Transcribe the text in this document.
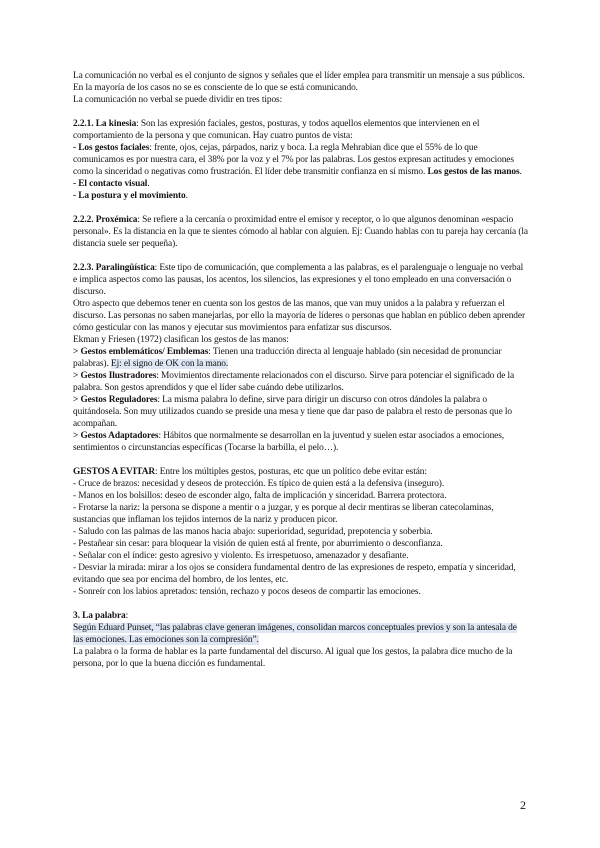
La comunicación no verbal es el conjunto de signos y señales que el líder emplea para transmitir un mensaje a sus públicos. En la mayoría de los casos no se es consciente de lo que se está comunicando.

La comunicación no verbal se puede dividir en tres tipos:

2.2.1. La kinesia: Son las expresión faciales, gestos, posturas, y todos aquellos elementos que intervienen en el comportamiento de la persona y que comunican. Hay cuatro puntos de vista:

- Los gestos faciales: frente, ojos, cejas, párpados, nariz y boca. La regla Mehrabian dice que el 55% de lo que comunicamos es por nuestra cara, el 38% por la voz y el 7% por las palabras. Los gestos expresan actitudes y emociones como la sinceridad o negativas como frustración. El líder debe transmitir confianza en sí mismo. Los gestos de las manos.

- El contacto visual.

- La postura y el movimiento.

2.2.2. Proxémica: Se refiere a la cercanía o proximidad entre el emisor y receptor, o lo que algunos denominan «espacio personal». Es la distancia en la que te sientes cómodo al hablar con alguien. Ej: Cuando hablas con tu pareja hay cercanía (la distancia suele ser pequeña).

2.2.3. Paralingüística: Este tipo de comunicación, que complementa a las palabras, es el paralenguaje o lenguaje no verbal e implica aspectos como las pausas, los acentos, los silencios, las expresiones y el tono empleado en una conversación o discurso.

Otro aspecto que debemos tener en cuenta son los gestos de las manos, que van muy unidos a la palabra y refuerzan el discurso. Las personas no saben manejarlas, por ello la mayoría de líderes o personas que hablan en público deben aprender cómo gesticular con las manos y ejecutar sus movimientos para enfatizar sus discursos.

Ekman y Friesen (1972) clasifican los gestos de las manos:

> Gestos emblemáticos/ Emblemas: Tienen una traducción directa al lenguaje hablado (sin necesidad de pronunciar palabras). Ej: el signo de OK con la mano.

> Gestos Ilustradores: Movimientos directamente relacionados con el discurso. Sirve para potenciar el significado de la palabra. Son gestos aprendidos y que el líder sabe cuándo debe utilizarlos.

> Gestos Reguladores: La misma palabra lo define, sirve para dirigir un discurso con otros dándoles la palabra o quitándosela. Son muy utilizados cuando se preside una mesa y tiene que dar paso de palabra el resto de personas que lo acompañan.

> Gestos Adaptadores: Hábitos que normalmente se desarrollan en la juventud y suelen estar asociados a emociones, sentimientos o circunstancias específicas (Tocarse la barbilla, el pelo…).

GESTOS A EVITAR: Entre los múltiples gestos, posturas, etc que un político debe evitar están:

- Cruce de brazos: necesidad y deseos de protección. Es típico de quien está a la defensiva (inseguro).

- Manos en los bolsillos: deseo de esconder algo, falta de implicación y sinceridad. Barrera protectora.

- Frotarse la nariz: la persona se dispone a mentir o a juzgar, y es porque al decir mentiras se liberan catecolaminas, sustancias que inflaman los tejidos internos de la nariz y producen picor.

- Saludo con las palmas de las manos hacia abajo: superioridad, seguridad, prepotencia y soberbia.

- Pestañear sin cesar: para bloquear la visión de quien está al frente, por aburrimiento o desconfianza.

- Señalar con el índice: gesto agresivo y violento. Es irrespetuoso, amenazador y desafiante.

- Desviar la mirada: mirar a los ojos se considera fundamental dentro de las expresiones de respeto, empatía y sinceridad, evitando que sea por encima del hombro, de los lentes, etc.

- Sonreír con los labios apretados: tensión, rechazo y pocos deseos de compartir las emociones.

3. La palabra:

Según Eduard Punset, “las palabras clave generan imágenes, consolidan marcos conceptuales previos y son la antesala de las emociones. Las emociones son la compresión”.

La palabra o la forma de hablar es la parte fundamental del discurso. Al igual que los gestos, la palabra dice mucho de la persona, por lo que la buena dicción es fundamental.

2
